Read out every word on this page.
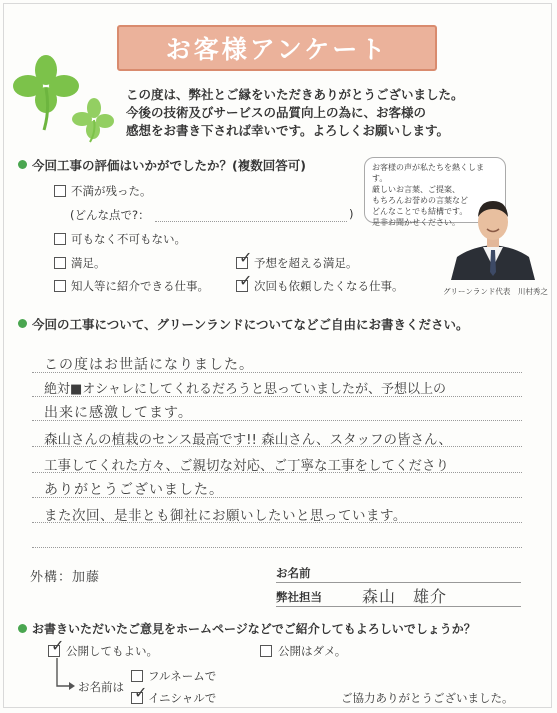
お客様アンケート
この度は、弊社とご縁をいただきありがとうございました。
今後の技術及びサービスの品質向上の為に、お客様の
感想をお書き下されば幸いです。よろしくお願いします。
今回工事の評価はいかがでしたか？(複数回答可)
不満が残った。
(どんな点で?：	)
可もなく不可もない。
満足。	✓ 予想を超える満足。
知人等に紹介できる仕事。 ✓ 次回も依頼したくなる仕事。
お客様の声が私たちを熱くします。
厳しいお言葉、ご提案、
もちろんお誉めの言葉など
どんなことでも結構です。
是非お聞かせください。
グリーンランド代表　川村秀之
今回の工事について、グリーンランドについてなどご自由にお書きください。
この度はお世話になりました。
絶対■オシャレにしてくれるだろうと思っていましたが、予想以上の
出来に感激してます。
森山さんの植栽のセンス最高です!! 森山さん、スタッフの皆さん、
工事してくれた方々、ご親切な対応、ご丁寧な工事をしてくださり
ありがとうございました。
また次回、是非とも御社にお願いしたいと思っています。
外構：加藤	お名前
弊社担当	森山　雄介
お書きいただいたご意見をホームページなどでご紹介してもよろしいでしょうか？
✓ 公開してもよい。	公開はダメ。
お名前は
フルネームで
✓ イニシャルで	ご協力ありがとうございました。
